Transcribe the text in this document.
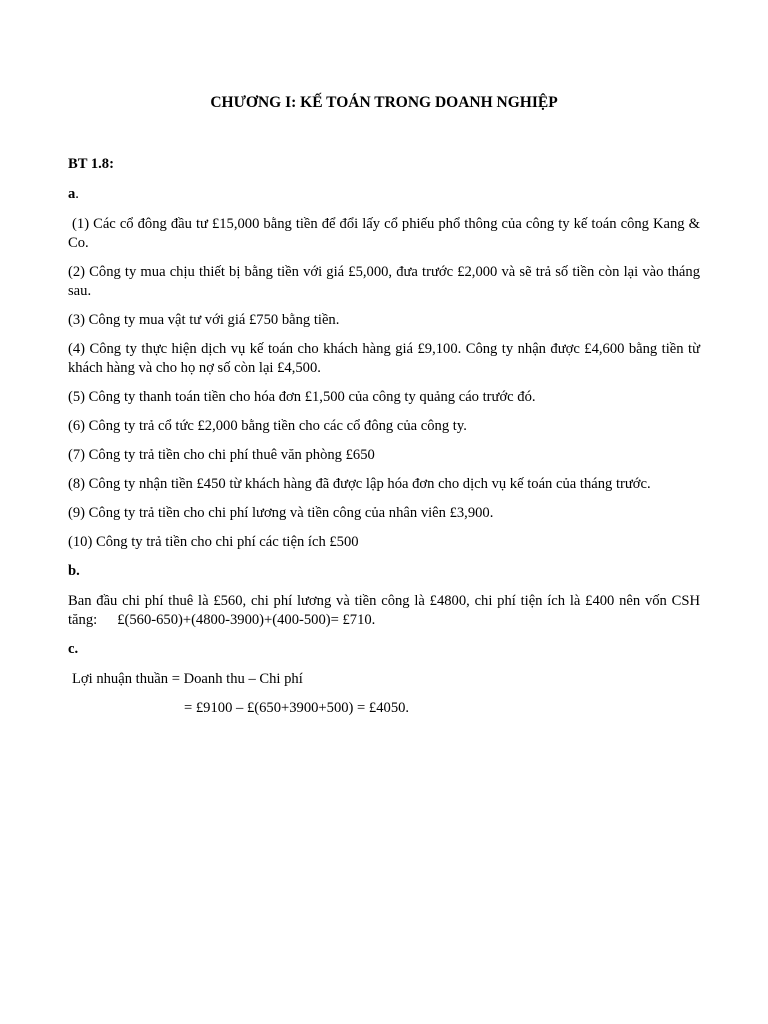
CHƯƠNG I: KẾ TOÁN TRONG DOANH NGHIỆP
BT 1.8:
a.
(1) Các cổ đông đầu tư £15,000 bằng tiền để đổi lấy cổ phiếu phổ thông của công ty kế toán công Kang & Co.
(2) Công ty mua chịu thiết bị bằng tiền với giá £5,000, đưa trước £2,000 và sẽ trả số tiền còn lại vào tháng sau.
(3) Công ty mua vật tư với giá £750 bằng tiền.
(4) Công ty thực hiện dịch vụ kế toán cho khách hàng giá £9,100. Công ty nhận được £4,600 bằng tiền từ khách hàng và cho họ nợ số còn lại £4,500.
(5) Công ty thanh toán tiền cho hóa đơn £1,500 của công ty quảng cáo trước đó.
(6) Công ty trả cổ tức £2,000 bằng tiền cho các cổ đông của công ty.
(7) Công ty trả tiền cho chi phí thuê văn phòng £650
(8) Công ty nhận tiền £450 từ khách hàng đã được lập hóa đơn cho dịch vụ kế toán của tháng trước.
(9) Công ty trả tiền cho chi phí lương và tiền công của nhân viên £3,900.
(10) Công ty trả tiền cho chi phí các tiện ích £500
b.
Ban đầu chi phí thuê là £560, chi phí lương và tiền công là £4800, chi phí tiện ích là £400 nên vốn CSH tăng: £(560-650)+(4800-3900)+(400-500)= £710.
c.
Lợi nhuận thuần = Doanh thu – Chi phí
= £9100 – £(650+3900+500) = £4050.
